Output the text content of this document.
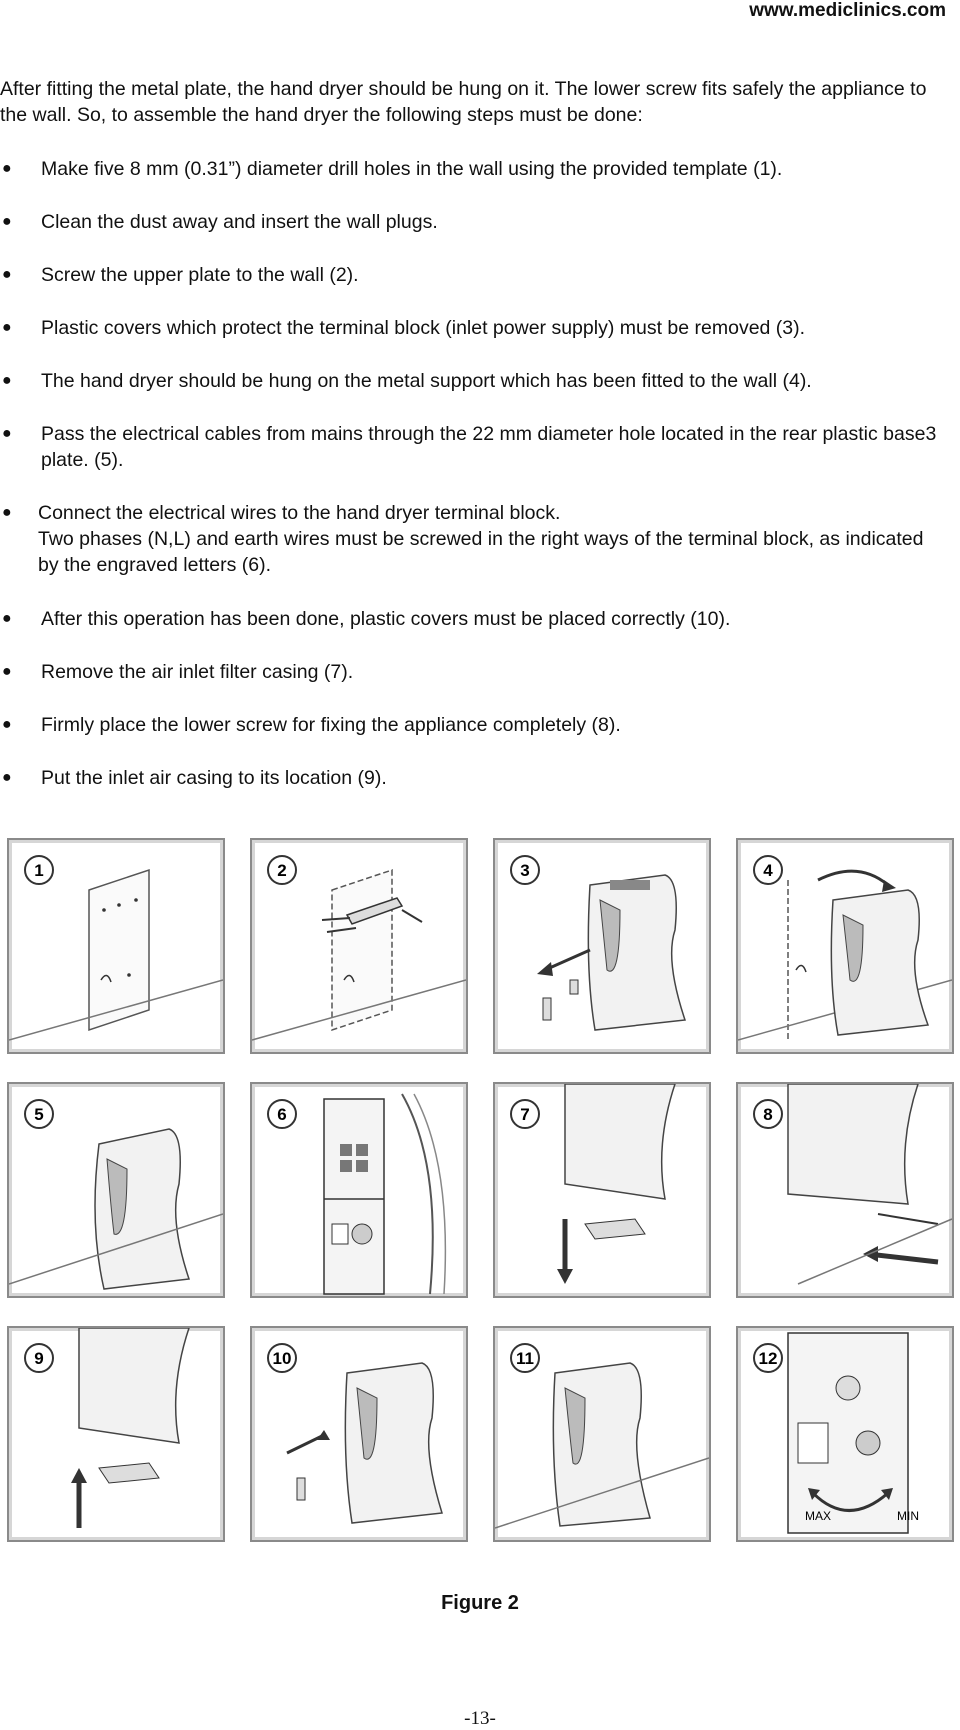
www.mediclinics.com
After fitting the metal plate, the hand dryer should be hung on it. The lower screw fits safely the appliance to the wall. So, to assemble the hand dryer the following steps must be done:
● Make five 8 mm (0.31”) diameter drill holes in the wall using the provided template (1).
● Clean the dust away and insert the wall plugs.
● Screw the upper plate to the wall (2).
● Plastic covers which protect the terminal block (inlet power supply) must be removed (3).
● The hand dryer should be hung on the metal support which has been fitted to the wall (4).
● Pass the electrical cables from mains through the 22 mm diameter hole located in the rear plastic base3 plate. (5).
● Connect the electrical wires to the hand dryer terminal block.
Two phases (N,L) and earth wires must be screwed in the right ways of the terminal block, as indicated by the engraved letters (6).
● After this operation has been done, plastic covers must be placed correctly (10).
● Remove the air inlet filter casing (7).
● Firmly place the lower screw for fixing the appliance completely (8).
● Put the inlet air casing to its location (9).
1	2	3	4
5	6	7	8
9	10	11	12
MAX	MIN
Figure 2
-13-
